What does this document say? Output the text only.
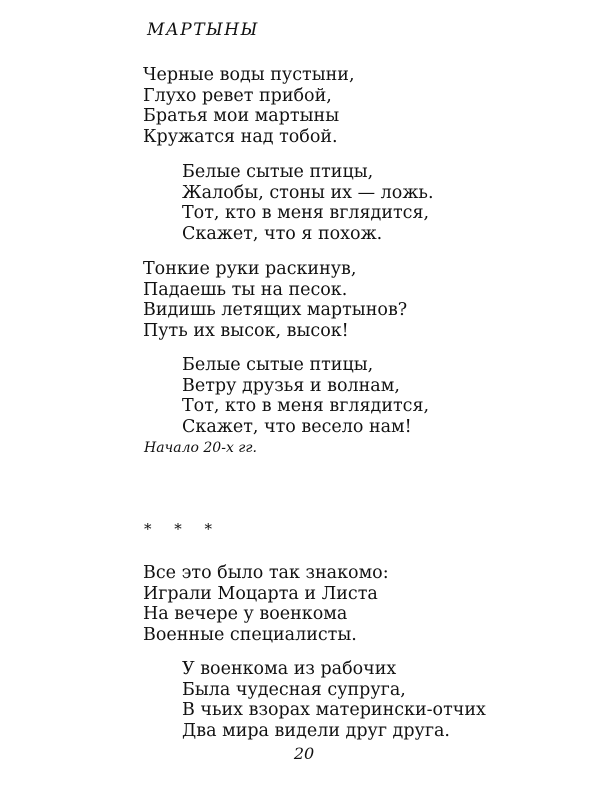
МАРТЫНЫ
Черные воды пустыни,
Глухо ревет прибой,
Братья мои мартыны
Кружатся над тобой.
Белые сытые птицы,
Жалобы, стоны их — ложь.
Тот, кто в меня вглядится,
Скажет, что я похож.
Тонкие руки раскинув,
Падаешь ты на песок.
Видишь летящих мартынов?
Путь их высок, высок!
Белые сытые птицы,
Ветру друзья и волнам,
Тот, кто в меня вглядится,
Скажет, что весело нам!
Начало 20-х гг.
* * *
Все это было так знакомо:
Играли Моцарта и Листа
На вечере у военкома
Военные специалисты.
У военкома из рабочих
Была чудесная супруга,
В чьих взорах матерински-отчих
Два мира видели друг друга.
20
